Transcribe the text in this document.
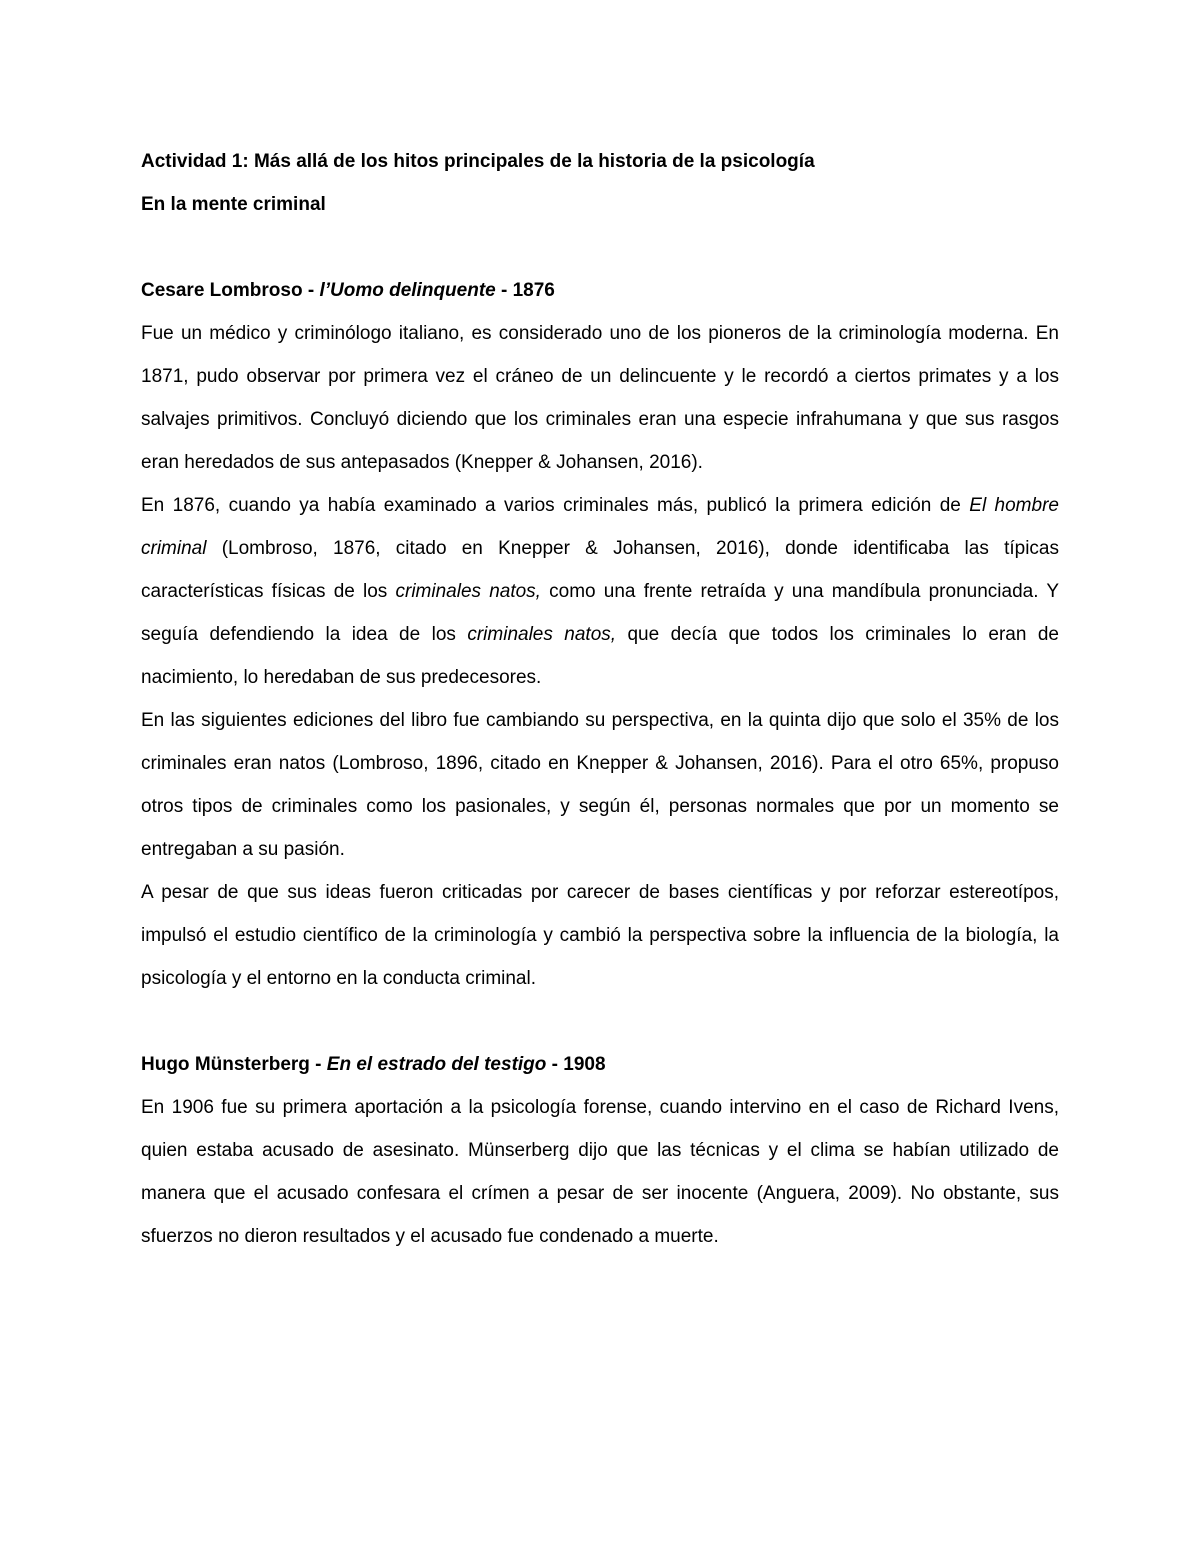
Actividad 1: Más allá de los hitos principales de la historia de la psicología

En la mente criminal

Cesare Lombroso - l’Uomo delinquente - 1876

Fue un médico y criminólogo italiano, es considerado uno de los pioneros de la criminología moderna. En 1871, pudo observar por primera vez el cráneo de un delincuente y le recordó a ciertos primates y a los salvajes primitivos. Concluyó diciendo que los criminales eran una especie infrahumana y que sus rasgos eran heredados de sus antepasados (Knepper & Johansen, 2016).

En 1876, cuando ya había examinado a varios criminales más, publicó la primera edición de El hombre criminal (Lombroso, 1876, citado en Knepper & Johansen, 2016), donde identificaba las típicas características físicas de los criminales natos, como una frente retraída y una mandíbula pronunciada. Y seguía defendiendo la idea de los criminales natos, que decía que todos los criminales lo eran de nacimiento, lo heredaban de sus predecesores.

En las siguientes ediciones del libro fue cambiando su perspectiva, en la quinta dijo que solo el 35% de los criminales eran natos (Lombroso, 1896, citado en Knepper & Johansen, 2016). Para el otro 65%, propuso otros tipos de criminales como los pasionales, y según él, personas normales que por un momento se entregaban a su pasión.

A pesar de que sus ideas fueron criticadas por carecer de bases científicas y por reforzar estereotípos, impulsó el estudio científico de la criminología y cambió la perspectiva sobre la influencia de la biología, la psicología y el entorno en la conducta criminal.

Hugo Münsterberg - En el estrado del testigo - 1908

En 1906 fue su primera aportación a la psicología forense, cuando intervino en el caso de Richard Ivens, quien estaba acusado de asesinato. Münserberg dijo que las técnicas y el clima se habían utilizado de manera que el acusado confesara el crímen a pesar de ser inocente (Anguera, 2009). No obstante, sus sfuerzos no dieron resultados y el acusado fue condenado a muerte.
